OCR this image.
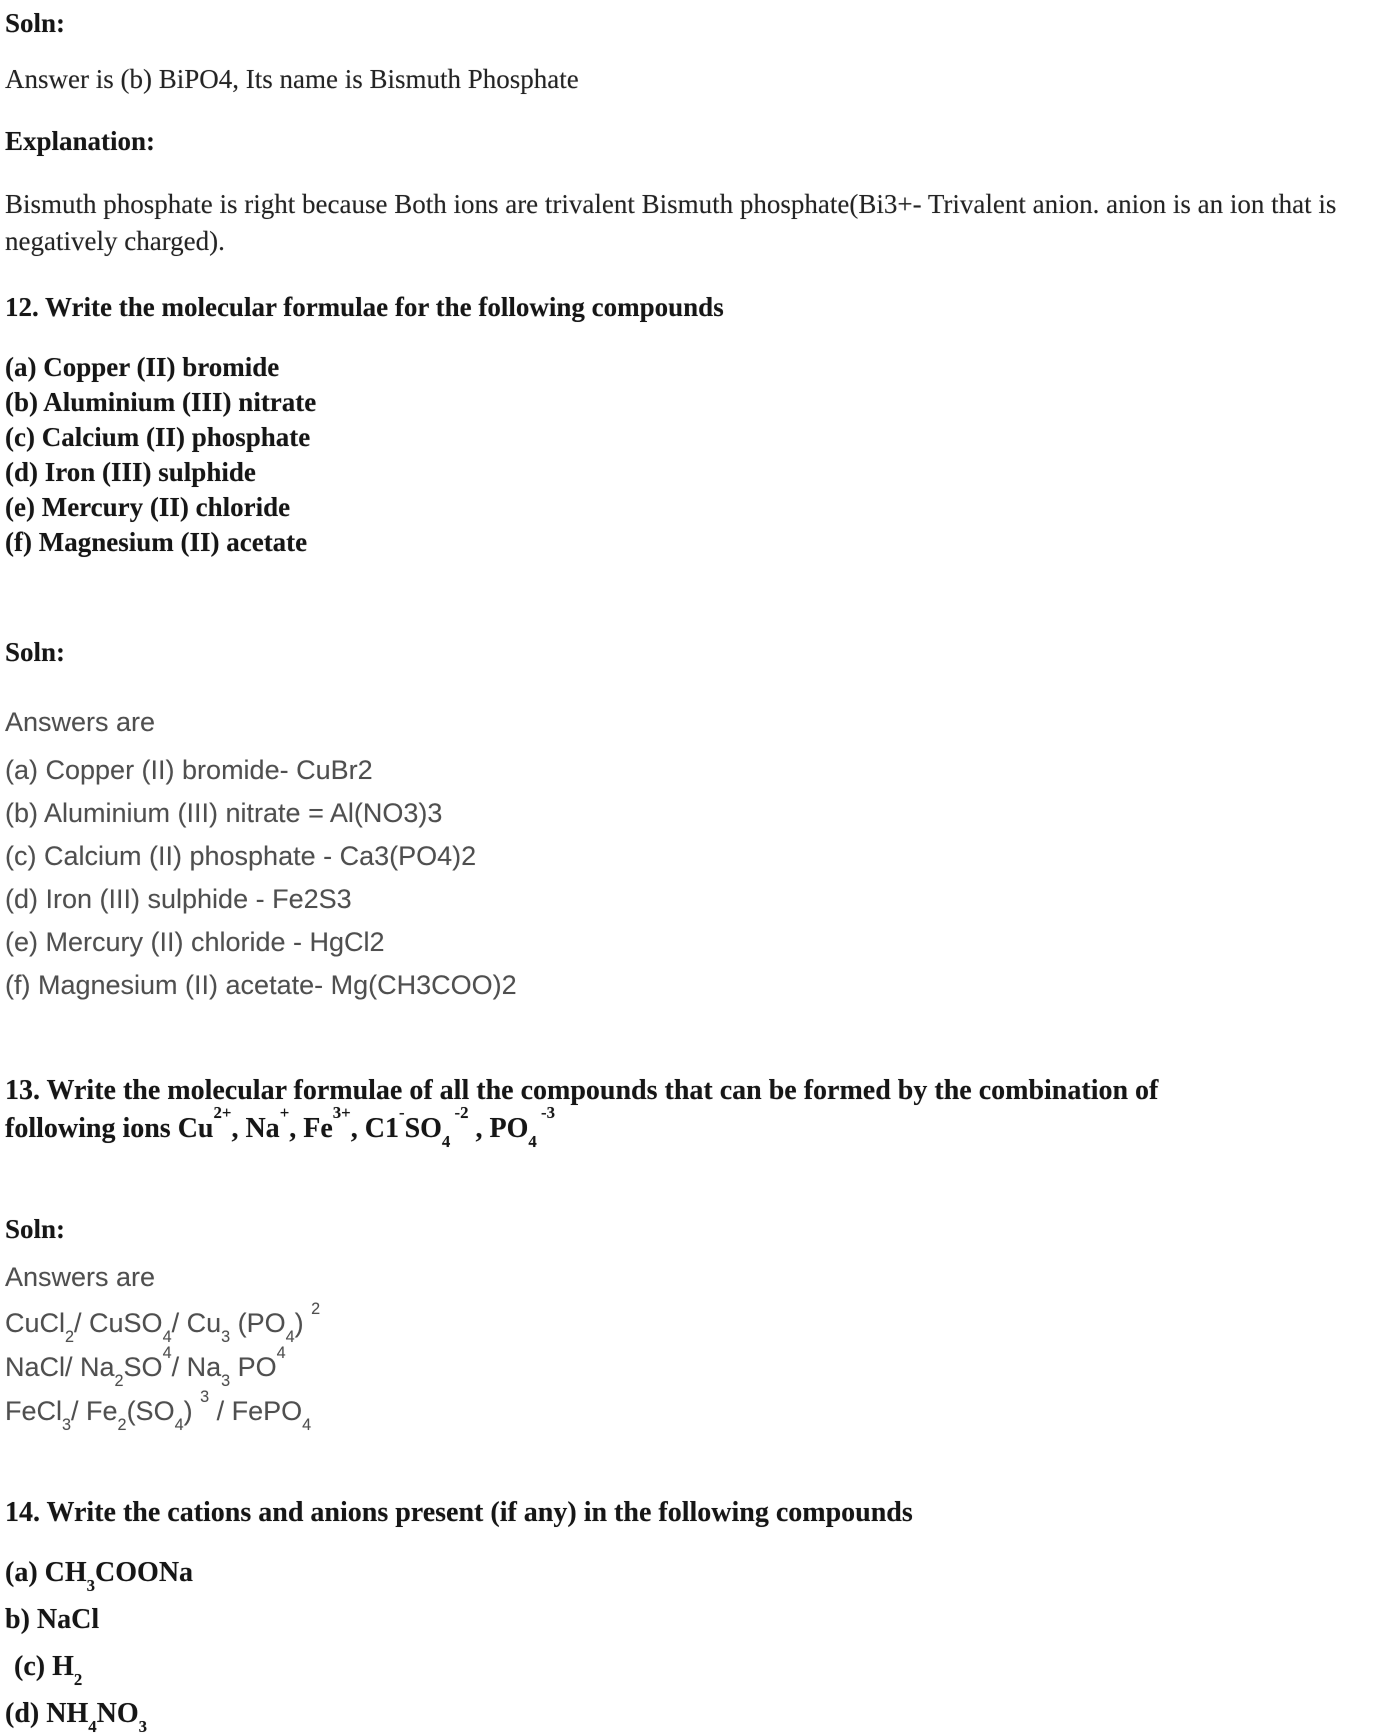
Soln:
Answer is (b) BiPO4, Its name is Bismuth Phosphate
Explanation:
Bismuth phosphate is right because Both ions are trivalent Bismuth phosphate(Bi3+- Trivalent anion. anion is an ion that is negatively charged).
12. Write the molecular formulae for the following compounds
(a) Copper (II) bromide
(b) Aluminium (III) nitrate
(c) Calcium (II) phosphate
(d) Iron (III) sulphide
(e) Mercury (II) chloride
(f) Magnesium (II) acetate
Soln:
Answers are
(a) Copper (II) bromide- CuBr2
(b) Aluminium (III) nitrate = Al(NO3)3
(c) Calcium (II) phosphate - Ca3(PO4)2
(d) Iron (III) sulphide - Fe2S3
(e) Mercury (II) chloride - HgCl2
(f) Magnesium (II) acetate- Mg(CH3COO)2
13. Write the molecular formulae of all the compounds that can be formed by the combination of
following ions $Cu^{2+}$, Na+, $Fe^{3+}$, $C1^-SO_4$ $^{-2}$ , $PO_4$ $^{-3}$
Soln:
Answers are
CuCl$_2$/ CuSO$_4$/ $Cu_3$ $(PO_4)$ $^2$
NaCl/ $Na_2SO^4/$ $Na_3$ $PO^4$
FeCl$_3$/ $Fe_2(SO_4)$ $^3$ / FePO$_4$
14. Write the cations and anions present (if any) in the following compounds
(a) $CH_3COONa$
b) NaCl
(c) $H_2$
(d) $NH_4NO_3$
